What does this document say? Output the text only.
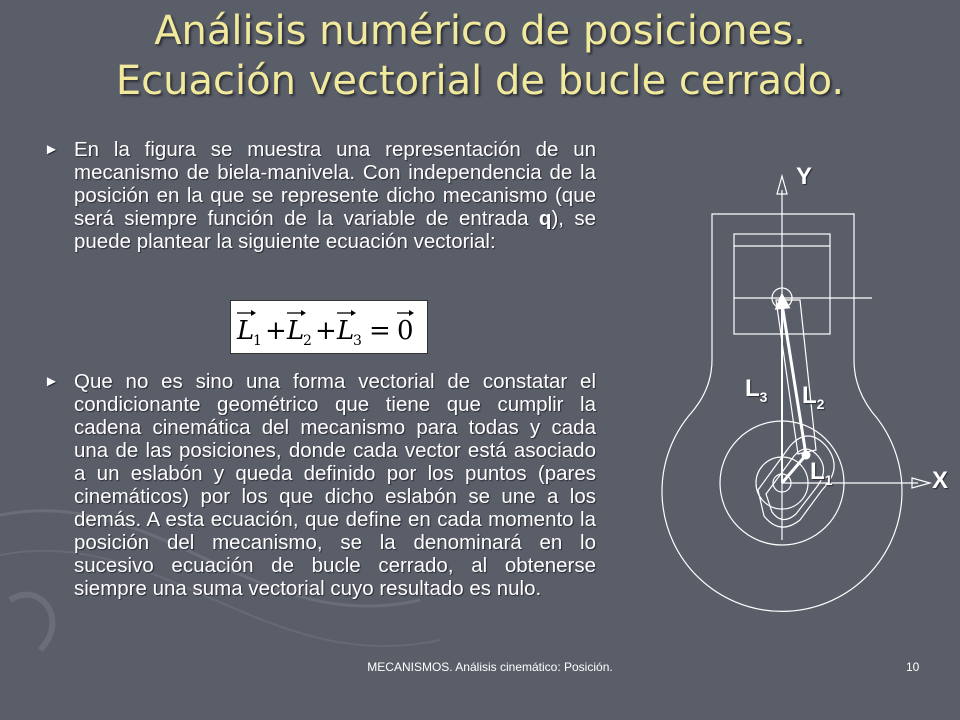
Análisis numérico de posiciones.
Ecuación vectorial de bucle cerrado.
► En la figura se muestra una representación de un mecanismo de biela-manivela. Con independencia de la posición en la que se represente dicho mecanismo (que será siempre función de la variable de entrada q), se puede plantear la siguiente ecuación vectorial:
L
1 + L
2 + L
3 = 0
► Que no es sino una forma vectorial de constatar el condicionante geométrico que tiene que cumplir la cadena cinemática del mecanismo para todas y cada una de las posiciones, donde cada vector está asociado a un eslabón y queda definido por los puntos (pares cinemáticos) por los que dicho eslabón se une a los demás. A esta ecuación, que define en cada momento la posición del mecanismo, se la denominará en lo sucesivo ecuación de bucle cerrado, al obtenerse siempre una suma vectorial cuyo resultado es nulo.
Y
X
$L_3$ $L_2$
$L_1$
MECANISMOS. Análisis cinemático: Posición.	10
